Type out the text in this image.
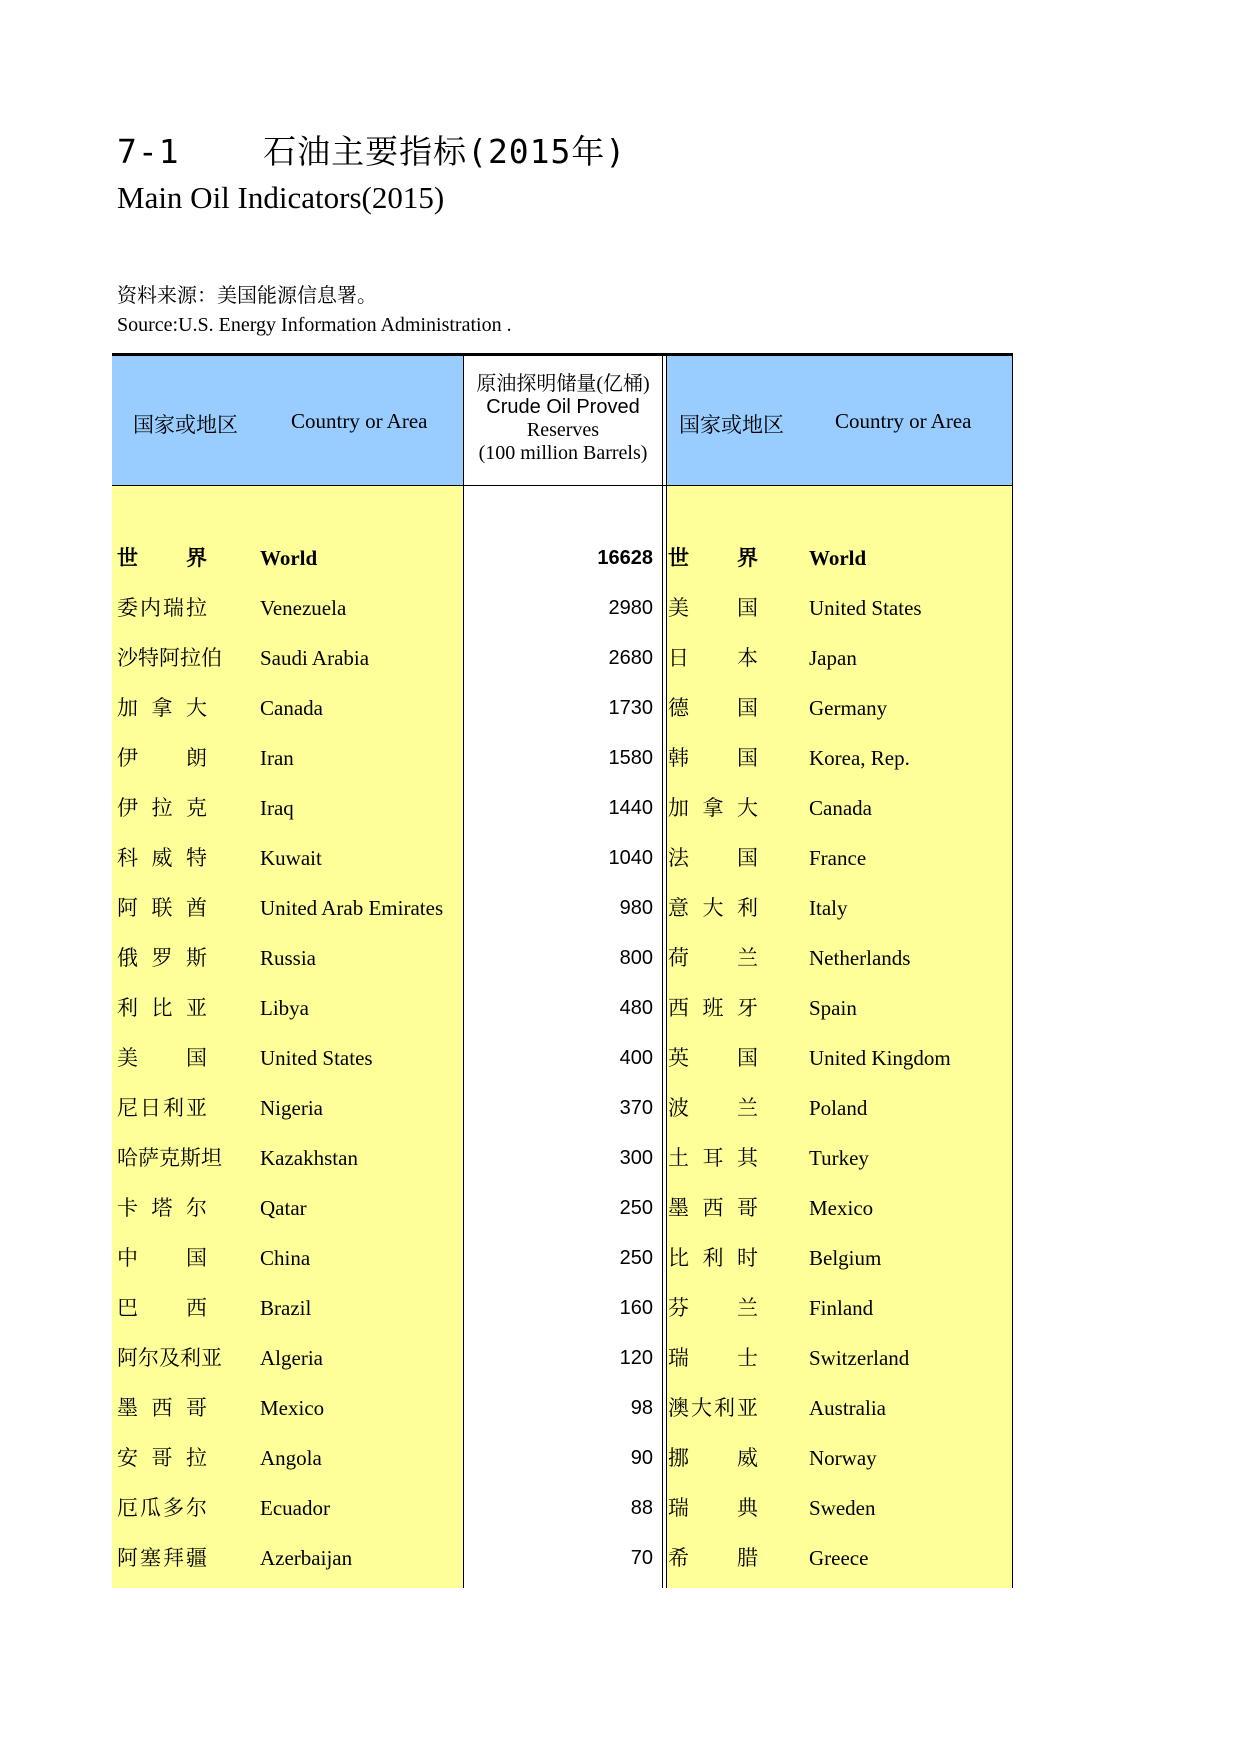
7-1    石油主要指标(2015年)
Main Oil Indicators(2015)
资料来源：美国能源信息署。
Source:U.S. Energy Information Administration .
国家或地区	Country or Area
原油探明储量(亿桶)
Crude Oil Proved
Reserves
(100 million Barrels)
国家或地区 Country or Area
世界	World	16628 世界 World
委内瑞拉	Venezuela	2980 美国 United States
沙特阿拉伯 Saudi Arabia	2680 日本 Japan
加拿大	Canada	1730 德国 Germany
伊朗	Iran	1580 韩国 Korea, Rep.
伊拉克	Iraq	1440 加拿大 Canada
科威特	Kuwait	1040 法国 France
阿联酋	United Arab Emirates	980 意大利 Italy
俄罗斯	Russia	800 荷兰 Netherlands
利比亚	Libya	480 西班牙 Spain
美国	United States	400 英国 United Kingdom
尼日利亚	Nigeria	370 波兰 Poland
哈萨克斯坦 Kazakhstan	300 土耳其 Turkey
卡塔尔	Qatar	250 墨西哥 Mexico
中国	China	250 比利时 Belgium
巴西	Brazil	160 芬兰 Finland
阿尔及利亚 Algeria	120 瑞士 Switzerland
墨西哥	Mexico	98 澳大利亚 Australia
安哥拉	Angola	90 挪威 Norway
厄瓜多尔	Ecuador	88 瑞典 Sweden
阿塞拜疆	Azerbaijan	70 希腊 Greece
